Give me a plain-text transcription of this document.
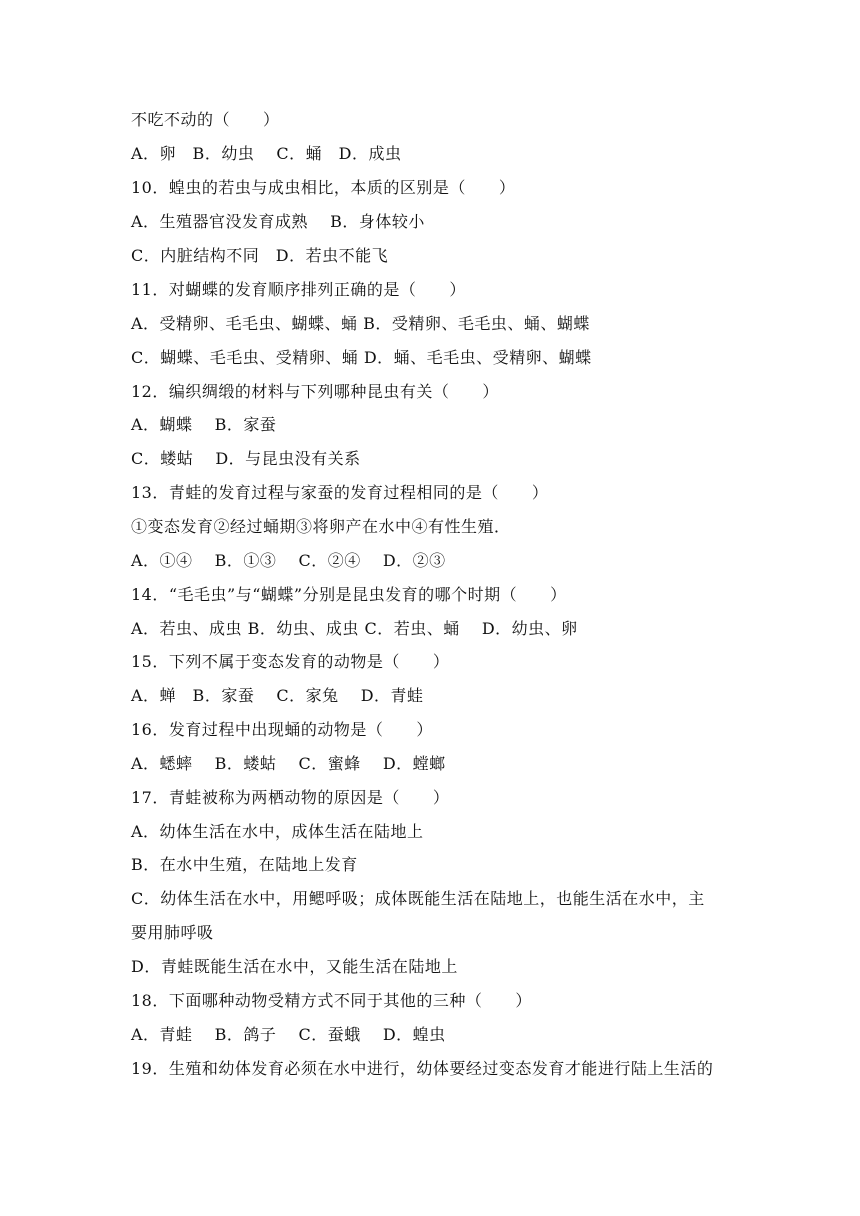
不吃不动的（　　）
A．卵　B．幼虫　 C．蛹　D．成虫
10．蝗虫的若虫与成虫相比，本质的区别是（　　）
A．生殖器官没发育成熟　 B．身体较小
C．内脏结构不同　D．若虫不能飞
11．对蝴蝶的发育顺序排列正确的是（　　）
A．受精卵、毛毛虫、蝴蝶、蛹 B．受精卵、毛毛虫、蛹、蝴蝶
C．蝴蝶、毛毛虫、受精卵、蛹 D．蛹、毛毛虫、受精卵、蝴蝶
12．编织绸缎的材料与下列哪种昆虫有关（　　）
A．蝴蝶　 B．家蚕
C．蝼蛄　 D．与昆虫没有关系
13．青蛙的发育过程与家蚕的发育过程相同的是（　　）
①变态发育②经过蛹期③将卵产在水中④有性生殖．
A．①④　 B．①③　 C．②④　 D．②③
14．“毛毛虫”与“蝴蝶”分别是昆虫发育的哪个时期（　　）
A．若虫、成虫 B．幼虫、成虫 C．若虫、蛹　 D．幼虫、卵
15．下列不属于变态发育的动物是（　　）
A．蝉　B．家蚕　 C．家兔　 D．青蛙
16．发育过程中出现蛹的动物是（　　）
A．蟋蟀　 B．蝼蛄　 C．蜜蜂　 D．螳螂
17．青蛙被称为两栖动物的原因是（　　）
A．幼体生活在水中，成体生活在陆地上
B．在水中生殖，在陆地上发育
C．幼体生活在水中，用鳃呼吸；成体既能生活在陆地上，也能生活在水中，主
要用肺呼吸
D．青蛙既能生活在水中，又能生活在陆地上
18．下面哪种动物受精方式不同于其他的三种（　　）
A．青蛙　 B．鸽子　 C．蚕蛾　 D．蝗虫
19．生殖和幼体发育必须在水中进行，幼体要经过变态发育才能进行陆上生活的
